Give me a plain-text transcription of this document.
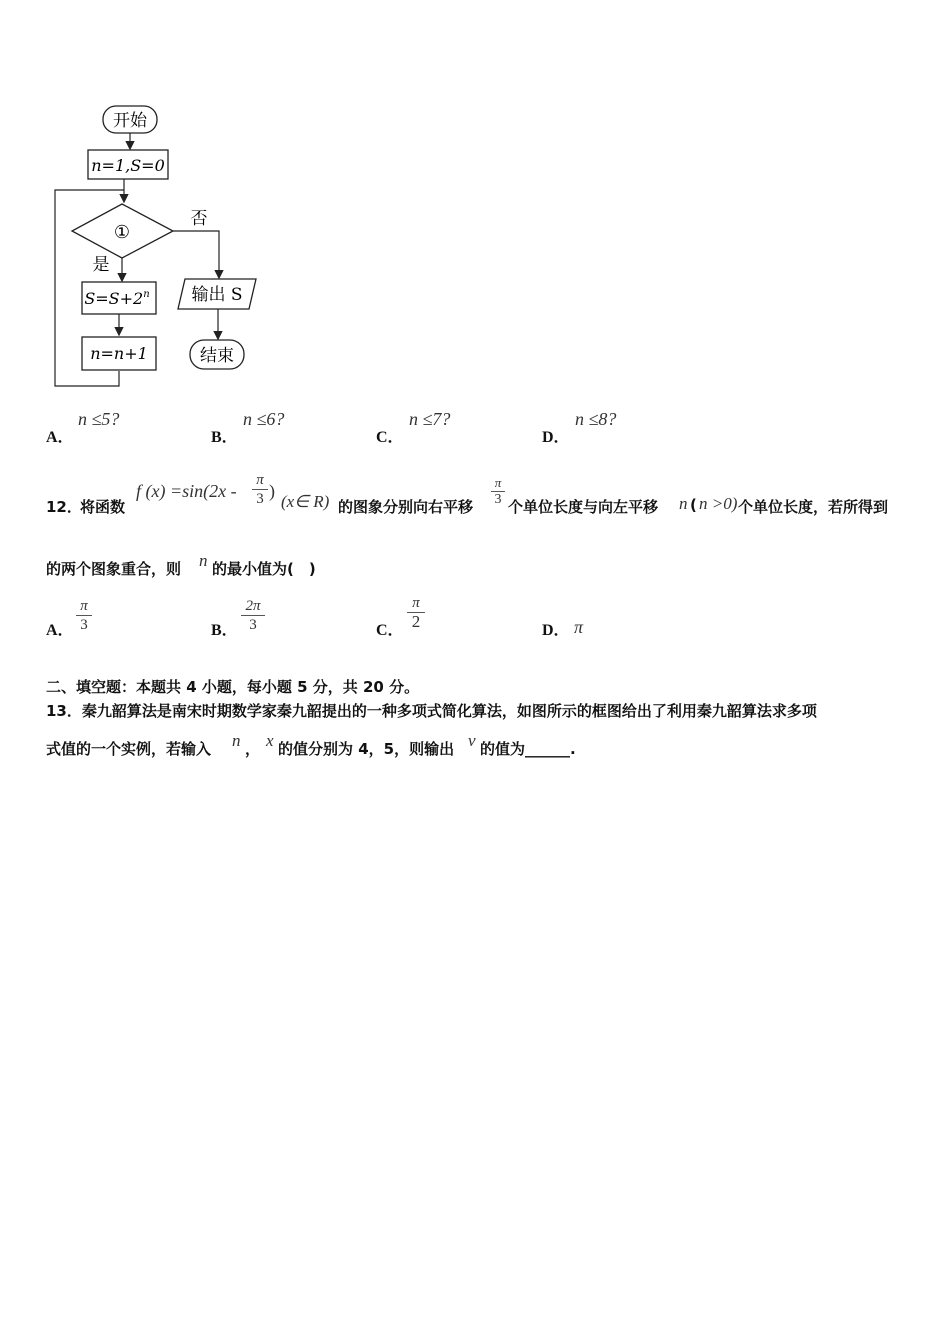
开始
n=1,S=0
①
否
是
$S=S+2^n$
n=n+1
输出 S
结束
A．
n ≤5?
B．
n ≤6?
C．
n ≤7?
D．
n ≤8?
12．
将函数
f (x) =sin(2x -
π
3 )
(x∈ R) 的图象分别向右平移
π
3 个单位长度与向左平移 n ( n >0) 个单位长度，若所得到
的两个图象重合，则 n 的最小值为(　)
A．
π
3	B．
2π
3	C．
π
2	D． π
二、填空题：本题共 4 小题，每小题 5 分，共 20 分。
13．秦九韶算法是南宋时期数学家秦九韶提出的一种多项式简化算法，如图所示的框图给出了利用秦九韶算法求多项
式值的一个实例，若输入 n ， x 的值分别为 4，5，则输出 v 的值为______.
